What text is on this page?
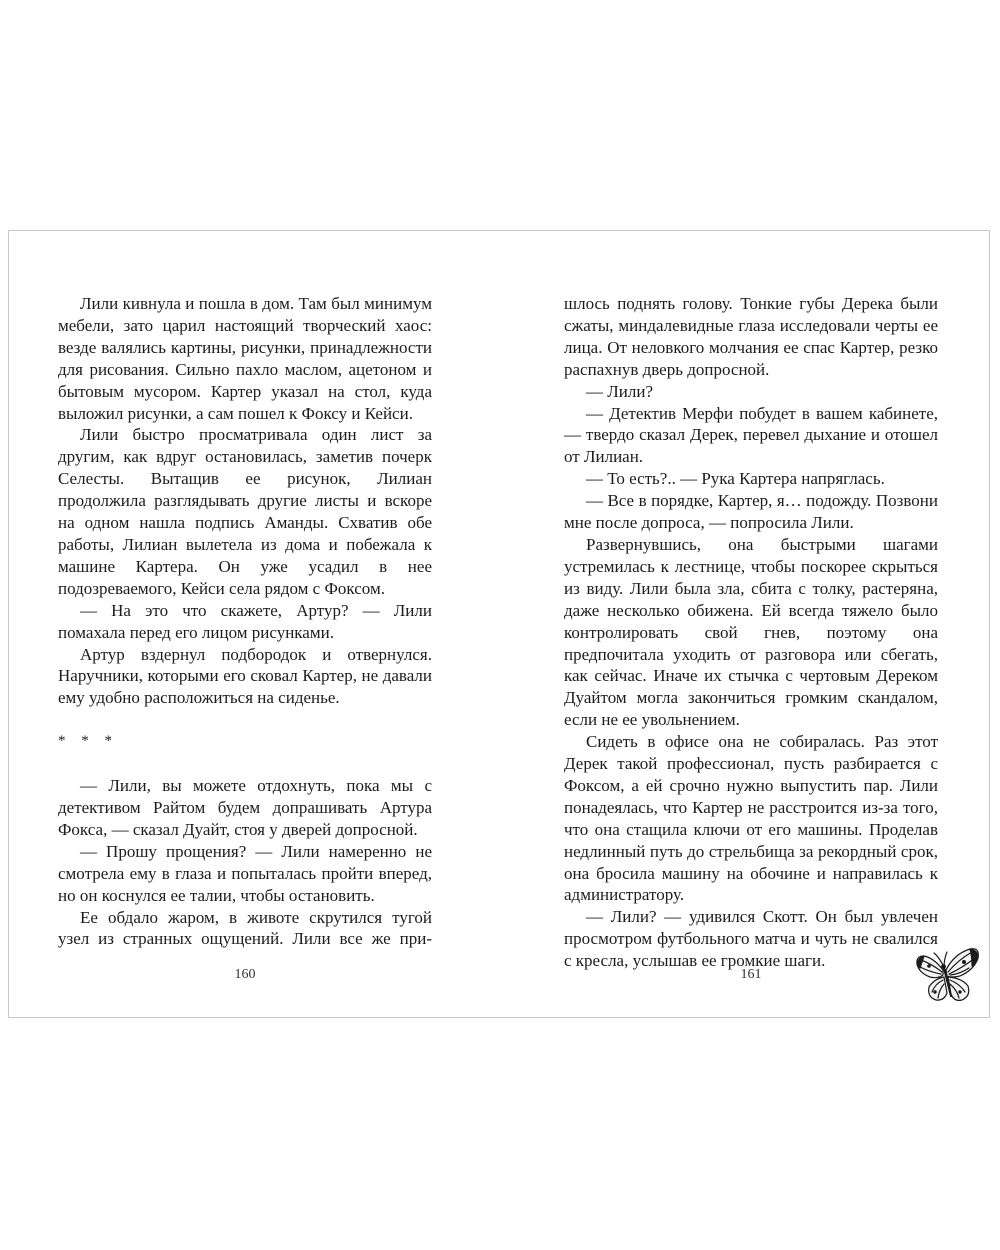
Лили кивнула и пошла в дом. Там был минимум мебели, зато царил настоящий творческий хаос: везде валялись картины, рисунки, принадлежности для рисования. Сильно пахло маслом, ацетоном и бытовым мусором. Картер указал на стол, куда выложил рисунки, а сам пошел к Фоксу и Кейси.

Лили быстро просматривала один лист за другим, как вдруг остановилась, заметив почерк Селесты. Вытащив ее рисунок, Лилиан продолжила разглядывать другие листы и вскоре на одном нашла подпись Аманды. Схватив обе работы, Лилиан вылетела из дома и побежала к машине Картера. Он уже усадил в нее подозреваемого, Кейси села рядом с Фоксом.

— На это что скажете, Артур? — Лили помахала перед его лицом рисунками.

Артур вздернул подбородок и отвернулся. Наручники, которыми его сковал Картер, не давали ему удобно расположиться на сиденье.

* * *

— Лили, вы можете отдохнуть, пока мы с детективом Райтом будем допрашивать Артура Фокса, — сказал Дуайт, стоя у дверей допросной.

— Прошу прощения? — Лили намеренно не смотрела ему в глаза и попыталась пройти вперед, но он коснулся ее талии, чтобы остановить.

Ее обдало жаром, в животе скрутился тугой узел из странных ощущений. Лили все же при-

шлось поднять голову. Тонкие губы Дерека были сжаты, миндалевидные глаза исследовали черты ее лица. От неловкого молчания ее спас Картер, резко распахнув дверь допросной.

— Лили?

— Детектив Мерфи побудет в вашем кабинете, — твердо сказал Дерек, перевел дыхание и отошел от Лилиан.

— То есть?.. — Рука Картера напряглась.

— Все в порядке, Картер, я… подожду. Позвони мне после допроса, — попросила Лили.

Развернувшись, она быстрыми шагами устремилась к лестнице, чтобы поскорее скрыться из виду. Лили была зла, сбита с толку, растеряна, даже несколько обижена. Ей всегда тяжело было контролировать свой гнев, поэтому она предпочитала уходить от разговора или сбегать, как сейчас. Иначе их стычка с чертовым Дереком Дуайтом могла закончиться громким скандалом, если не ее увольнением.

Сидеть в офисе она не собиралась. Раз этот Дерек такой профессионал, пусть разбирается с Фоксом, а ей срочно нужно выпустить пар. Лили понадеялась, что Картер не расстроится из-за того, что она стащила ключи от его машины. Проделав недлинный путь до стрельбища за рекордный срок, она бросила машину на обочине и направилась к администратору.

— Лили? — удивился Скотт. Он был увлечен просмотром футбольного матча и чуть не свалился с кресла, услышав ее громкие шаги.

160	161
